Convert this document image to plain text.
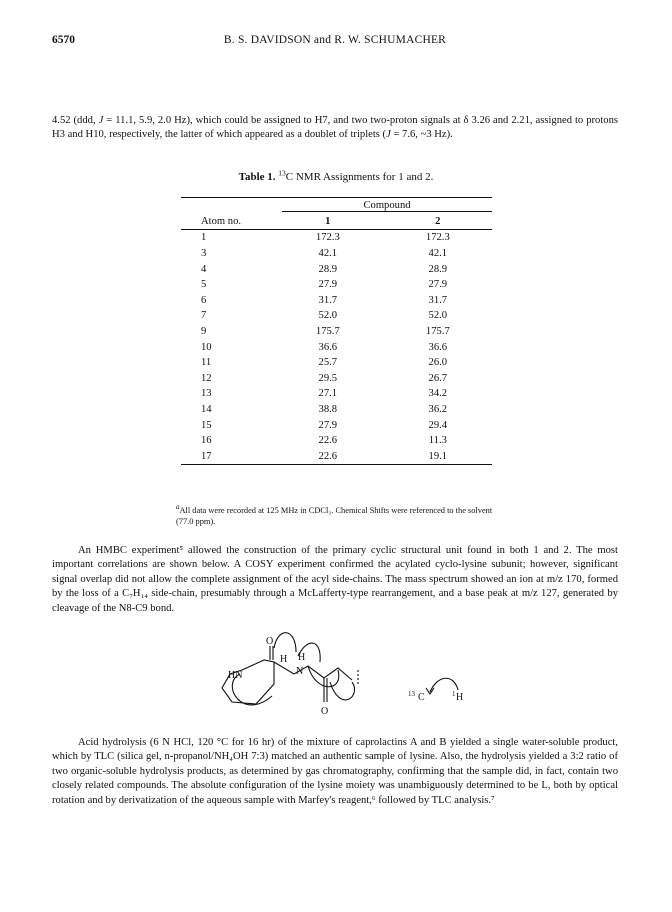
6570	B. S. DAVIDSON and R. W. SCHUMACHER

4.52 (ddd, J = 11.1, 5.9, 2.0 Hz), which could be assigned to H7, and two two-proton signals at δ 3.26 and 2.21, assigned to protons H3 and H10, respectively, the latter of which appeared as a doublet of triplets (J = 7.6, ~3 Hz).

Table 1. $^{13}$C NMR Assignments for 1 and 2.
	Compound	
Atom no.	1	2
1	172.3	172.3
3	42.1	42.1
4	28.9	28.9
5	27.9	27.9
6	31.7	31.7
7	52.0	52.0
9	175.7	175.7
10	36.6	36.6
11	25.7	26.0
12	29.5	26.7
13	27.1	34.2
14	38.8	36.2
15	27.9	29.4
16	22.6	11.3
17	22.6	19.1
$^a$All data were recorded at 125 MHz in CDCl₃. Chemical Shifts were referenced to the solvent (77.0 ppm).

An HMBC experiment⁵ allowed the construction of the primary cyclic structural unit found in both 1 and 2. The most important correlations are shown below. A COSY experiment confirmed the acylated cyclo-lysine subunit; however, significant signal overlap did not allow the complete assignment of the acyl side-chains. The mass spectrum showed an ion at m/z 170, formed by the loss of a C₇H₁₄ side-chain, presumably through a McLafferty-type rearrangement, and a base peak at m/z 127, generated by cleavage of the N8-C9 bond.

O
H H
N
HN
O
13 C	1 H

Acid hydrolysis (6 N HCl, 120 °C for 16 hr) of the mixture of caprolactins A and B yielded a single water-soluble product, which by TLC (silica gel, n-propanol/NH₄OH 7:3) matched an authentic sample of lysine. Also, the hydrolysis yielded a 3:2 ratio of two organic-soluble hydrolysis products, as determined by gas chromatography, confirming that the sample did, in fact, contain two closely related compounds. The absolute configuration of the lysine moiety was unambiguously determined to be L, both by optical rotation and by derivatization of the aqueous sample with Marfey's reagent,⁶ followed by TLC analysis.⁷
